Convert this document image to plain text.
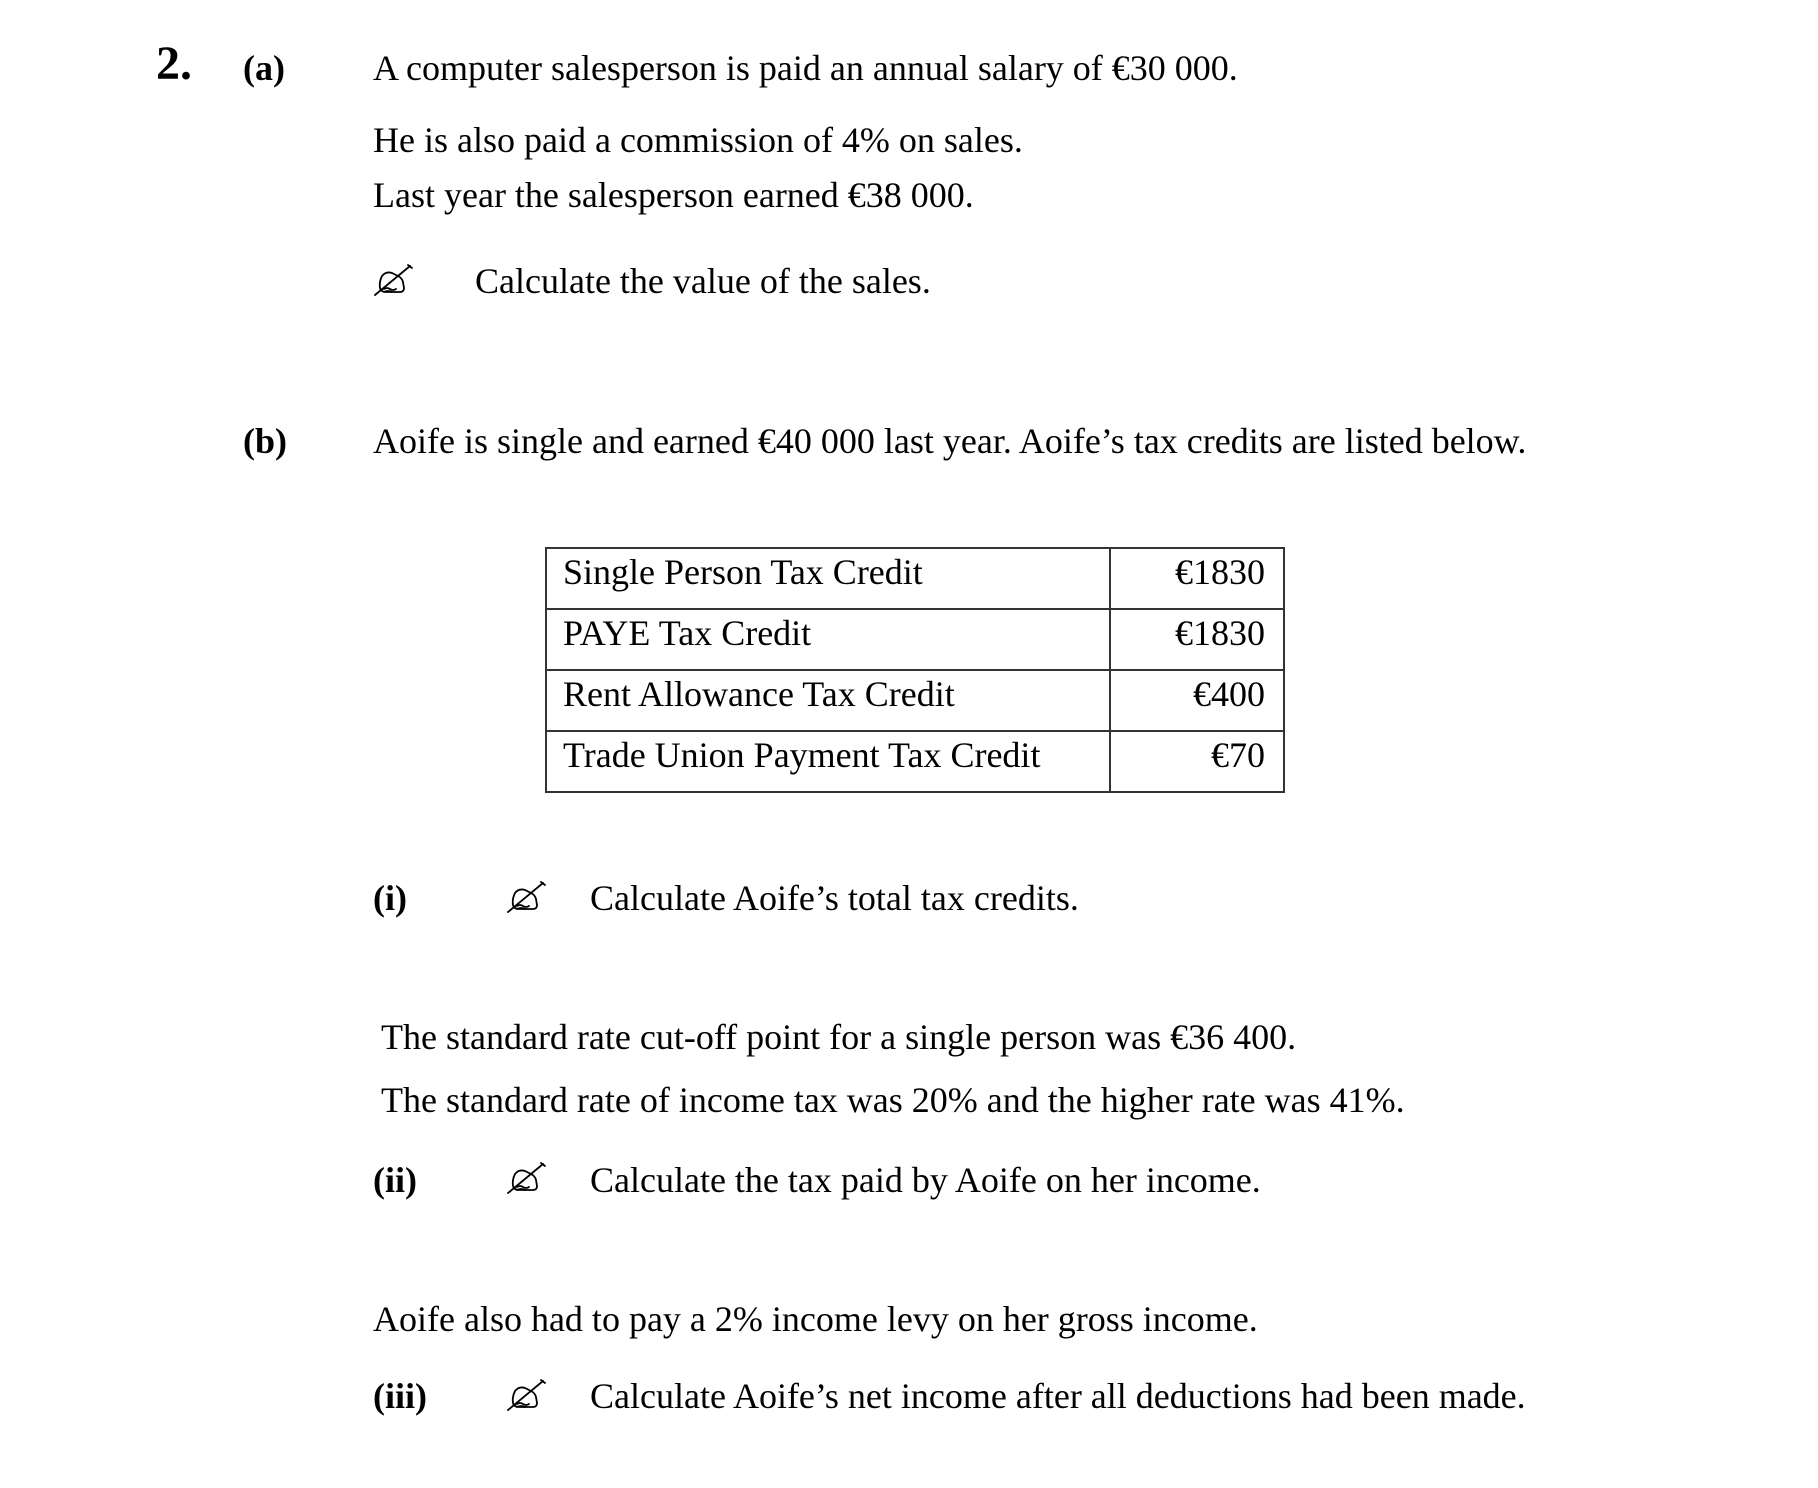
2. (a) A computer salesperson is paid an annual salary of €30 000.
He is also paid a commission of 4% on sales.
Last year the salesperson earned €38 000.
Calculate the value of the sales.
(b) Aoife is single and earned €40 000 last year. Aoife’s tax credits are listed below.
Single Person Tax Credit	€1830
PAYE Tax Credit	€1830
Rent Allowance Tax Credit	€400
Trade Union Payment Tax Credit	€70
(i)	Calculate Aoife’s total tax credits.
The standard rate cut-off point for a single person was €36 400.
The standard rate of income tax was 20% and the higher rate was 41%.
(ii)	Calculate the tax paid by Aoife on her income.
Aoife also had to pay a 2% income levy on her gross income.
(iii)	Calculate Aoife’s net income after all deductions had been made.
